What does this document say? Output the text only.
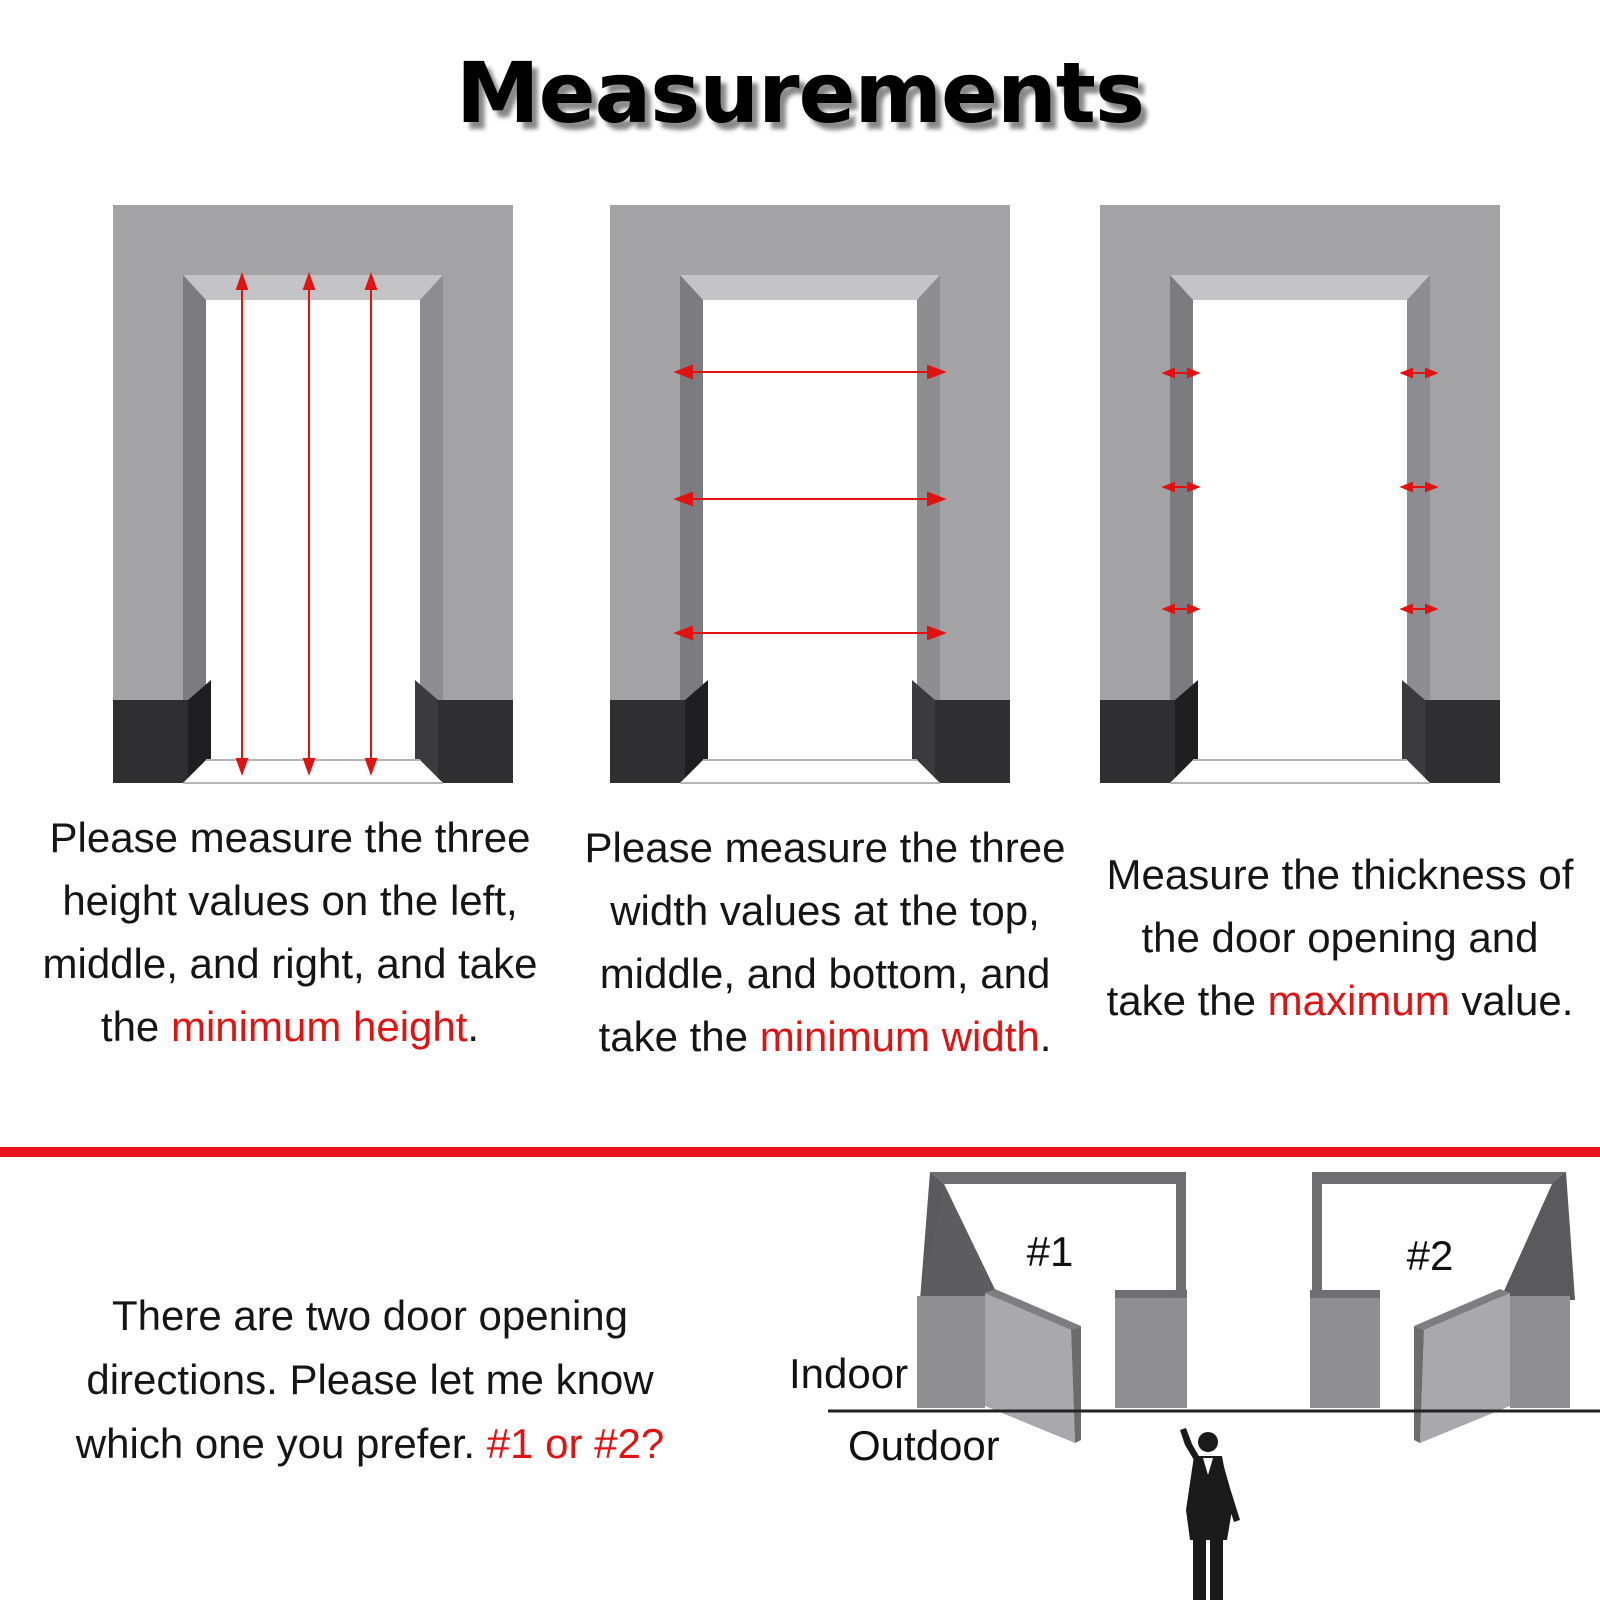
Measurements
Please measure the three height values on the left, middle, and right, and take the minimum height.
Please measure the three width values at the top, middle, and bottom, and take the minimum width.
Measure the thickness of the door opening and take the maximum value.
There are two door opening directions. Please let me know which one you prefer. #1 or #2?
#1	#2
Indoor
Outdoor
